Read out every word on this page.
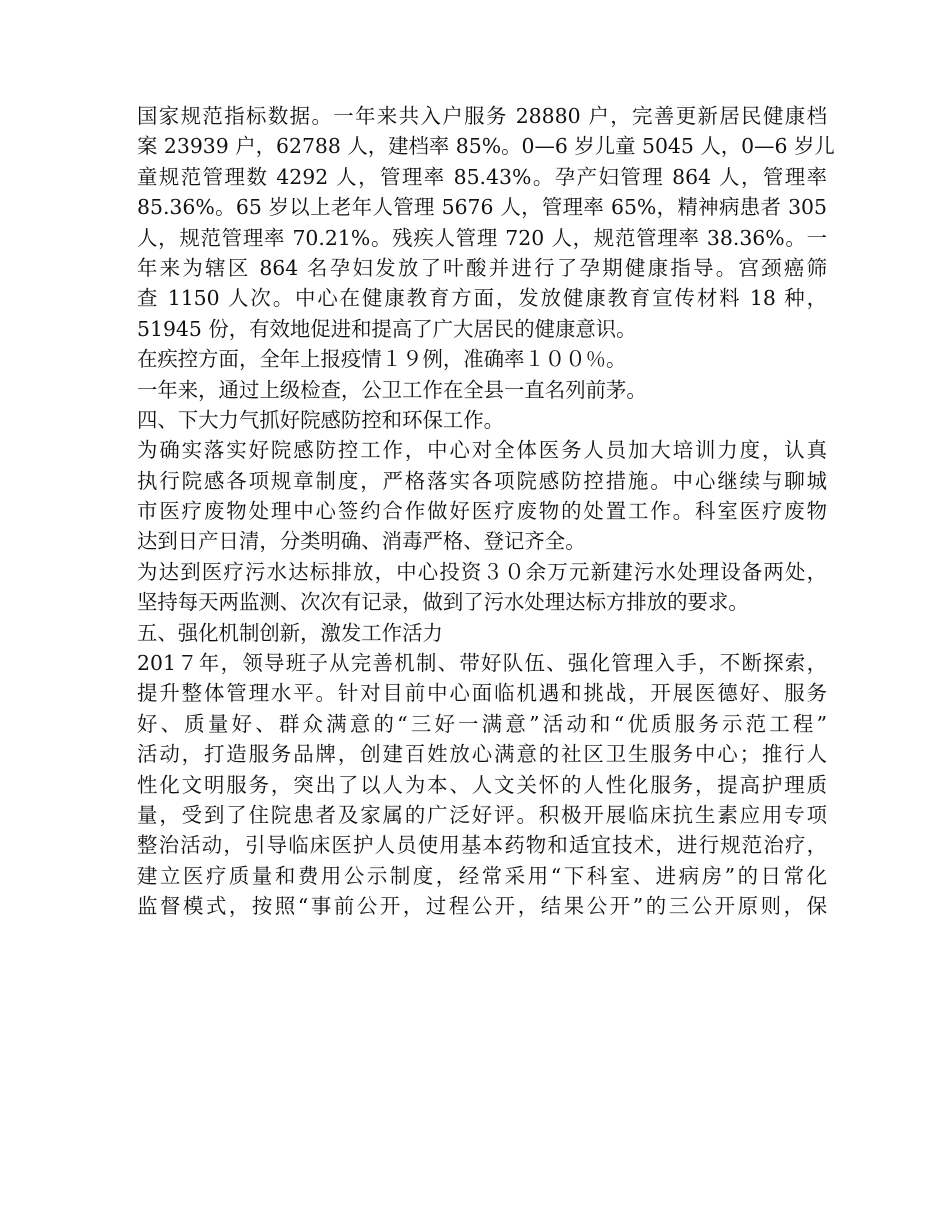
国家规范指标数据。一年来共入户服务 28880 户，完善更新居民健康档
案 23939 户，62788 人，建档率 85%。0—6 岁儿童 5045 人，0—6 岁儿
童规范管理数 4292 人，管理率 85.43%。孕产妇管理 864 人，管理率
85.36%。65 岁以上老年人管理 5676 人，管理率 65%，精神病患者 305
人，规范管理率 70.21%。残疾人管理 720 人，规范管理率 38.36%。一
年来为辖区 864 名孕妇发放了叶酸并进行了孕期健康指导。宫颈癌筛
查 1150 人次。中心在健康教育方面，发放健康教育宣传材料 18 种，
51945 份，有效地促进和提高了广大居民的健康意识。
在疾控方面，全年上报疫情１９例，准确率１００％。
一年来，通过上级检查，公卫工作在全县一直名列前茅。
四、下大力气抓好院感防控和环保工作。
为确实落实好院感防控工作，中心对全体医务人员加大培训力度，认真
执行院感各项规章制度，严格落实各项院感防控措施。中心继续与聊城
市医疗废物处理中心签约合作做好医疗废物的处置工作。科室医疗废物
达到日产日清，分类明确、消毒严格、登记齐全。
为达到医疗污水达标排放，中心投资３０余万元新建污水处理设备两处，
坚持每天两监测、次次有记录，做到了污水处理达标方排放的要求。
五、强化机制创新，激发工作活力
201７年，领导班子从完善机制、带好队伍、强化管理入手，不断探索，
提升整体管理水平。针对目前中心面临机遇和挑战，开展医德好、服务
好、质量好、群众满意的“三好一满意”活动和“优质服务示范工程”
活动，打造服务品牌，创建百姓放心满意的社区卫生服务中心；推行人
性化文明服务，突出了以人为本、人文关怀的人性化服务，提高护理质
量，受到了住院患者及家属的广泛好评。积极开展临床抗生素应用专项
整治活动，引导临床医护人员使用基本药物和适宜技术，进行规范治疗，
建立医疗质量和费用公示制度，经常采用“下科室、进病房”的日常化
监督模式，按照“事前公开，过程公开，结果公开”的三公开原则，保
